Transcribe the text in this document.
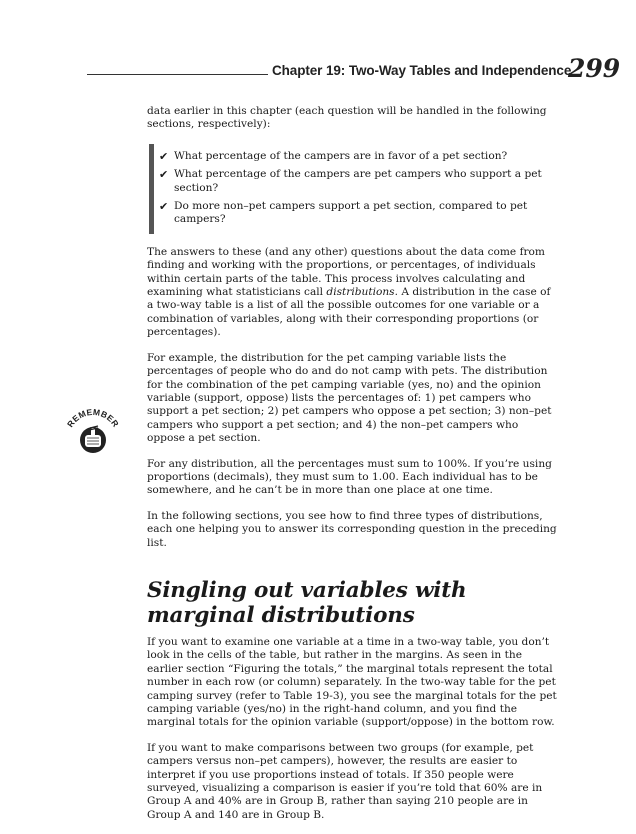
Chapter 19: Two-Way Tables and Independence
299
REMEMBER

data earlier in this chapter (each question will be handled in the following sections, respectively):

✔ What percentage of the campers are in favor of a pet section?
✔ What percentage of the campers are pet campers who support a pet section?
✔ Do more non–pet campers support a pet section, compared to pet campers?

The answers to these (and any other) questions about the data come from finding and working with the proportions, or percentages, of individuals within certain parts of the table. This process involves calculating and examining what statisticians call distributions. A distribution in the case of a two-way table is a list of all the possible outcomes for one variable or a combination of variables, along with their corresponding proportions (or percentages).

For example, the distribution for the pet camping variable lists the percentages of people who do and do not camp with pets. The distribution for the combination of the pet camping variable (yes, no) and the opinion variable (support, oppose) lists the percentages of: 1) pet campers who support a pet section; 2) pet campers who oppose a pet section; 3) non–pet campers who support a pet section; and 4) the non–pet campers who oppose a pet section.

For any distribution, all the percentages must sum to 100%. If you’re using proportions (decimals), they must sum to 1.00. Each individual has to be somewhere, and he can’t be in more than one place at one time.

In the following sections, you see how to find three types of distributions, each one helping you to answer its corresponding question in the preceding list.

Singling out variables with marginal distributions

If you want to examine one variable at a time in a two-way table, you don’t look in the cells of the table, but rather in the margins. As seen in the earlier section “Figuring the totals,” the marginal totals represent the total number in each row (or column) separately. In the two-way table for the pet camping survey (refer to Table 19-3), you see the marginal totals for the pet camping variable (yes/no) in the right-hand column, and you find the marginal totals for the opinion variable (support/oppose) in the bottom row.

If you want to make comparisons between two groups (for example, pet campers versus non–pet campers), however, the results are easier to interpret if you use proportions instead of totals. If 350 people were surveyed, visualizing a comparison is easier if you’re told that 60% are in Group A and 40% are in Group B, rather than saying 210 people are in Group A and 140 are in Group B.
